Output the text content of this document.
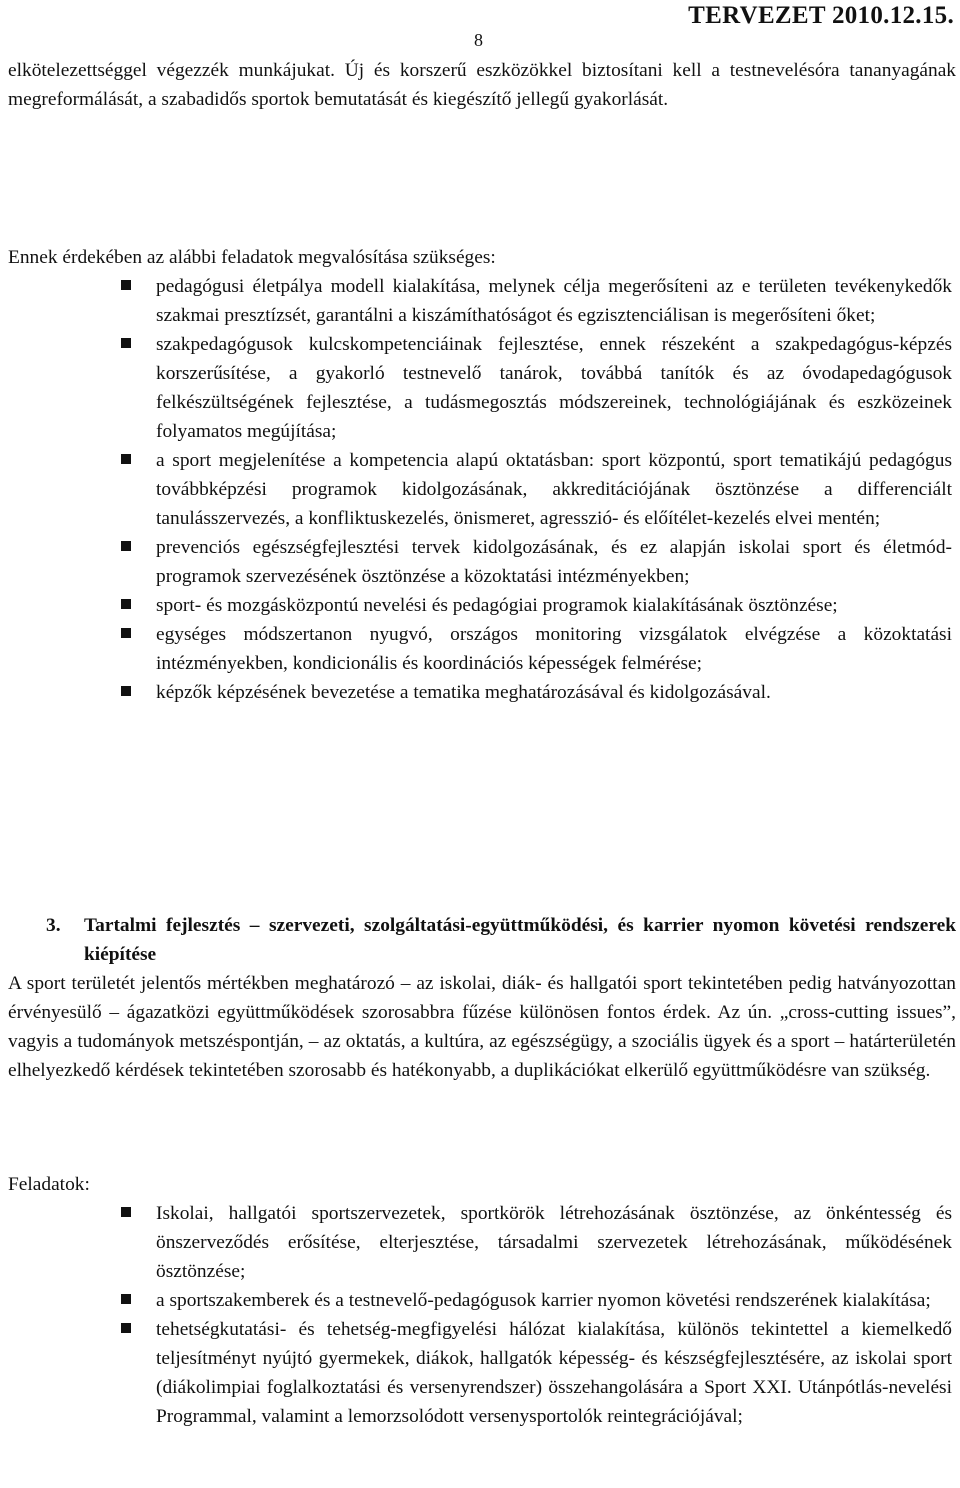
TERVEZET 2010.12.15.
8

elkötelezettséggel végezzék munkájukat. Új és korszerű eszközökkel biztosítani kell a testnevelésóra tananyagának megreformálását, a szabadidős sportok bemutatását és kiegészítő jellegű gyakorlását.

Ennek érdekében az alábbi feladatok megvalósítása szükséges:

pedagógusi életpálya modell kialakítása, melynek célja megerősíteni az e területen tevékenykedők szakmai presztízsét, garantálni a kiszámíthatóságot és egzisztenciálisan is megerősíteni őket;
szakpedagógusok kulcskompetenciáinak fejlesztése, ennek részeként a szakpedagógus-képzés korszerűsítése, a gyakorló testnevelő tanárok, továbbá tanítók és az óvodapedagógusok felkészültségének fejlesztése, a tudásmegosztás módszereinek, technológiájának és eszközeinek folyamatos megújítása;
a sport megjelenítése a kompetencia alapú oktatásban: sport központú, sport tematikájú pedagógus továbbképzési programok kidolgozásának, akkreditációjának ösztönzése a differenciált tanulásszervezés, a konfliktuskezelés, önismeret, agresszió- és előítélet-kezelés elvei mentén;
prevenciós egészségfejlesztési tervek kidolgozásának, és ez alapján iskolai sport és életmód-programok szervezésének ösztönzése a közoktatási intézményekben;
sport- és mozgásközpontú nevelési és pedagógiai programok kialakításának ösztönzése;
egységes módszertanon nyugvó, országos monitoring vizsgálatok elvégzése a közoktatási intézményekben, kondicionális és koordinációs képességek felmérése;
képzők képzésének bevezetése a tematika meghatározásával és kidolgozásával.
3. Tartalmi fejlesztés – szervezeti, szolgáltatási-együttműködési, és karrier nyomon követési rendszerek kiépítése

A sport területét jelentős mértékben meghatározó – az iskolai, diák- és hallgatói sport tekintetében pedig hatványozottan érvényesülő – ágazatközi együttműködések szorosabbra fűzése különösen fontos érdek. Az ún. „cross-cutting issues”, vagyis a tudományok metszéspontján, – az oktatás, a kultúra, az egészségügy, a szociális ügyek és a sport – határterületén elhelyezkedő kérdések tekintetében szorosabb és hatékonyabb, a duplikációkat elkerülő együttműködésre van szükség.

Feladatok:

Iskolai, hallgatói sportszervezetek, sportkörök létrehozásának ösztönzése, az önkéntesség és önszerveződés erősítése, elterjesztése, társadalmi szervezetek létrehozásának, működésének ösztönzése;
a sportszakemberek és a testnevelő-pedagógusok karrier nyomon követési rendszerének kialakítása;
tehetségkutatási- és tehetség-megfigyelési hálózat kialakítása, különös tekintettel a kiemelkedő teljesítményt nyújtó gyermekek, diákok, hallgatók képesség- és készségfejlesztésére, az iskolai sport (diákolimpiai foglalkoztatási és versenyrendszer) összehangolására a Sport XXI. Utánpótlás-nevelési Programmal, valamint a lemorzsolódott versenysportolók reintegrációjával;
